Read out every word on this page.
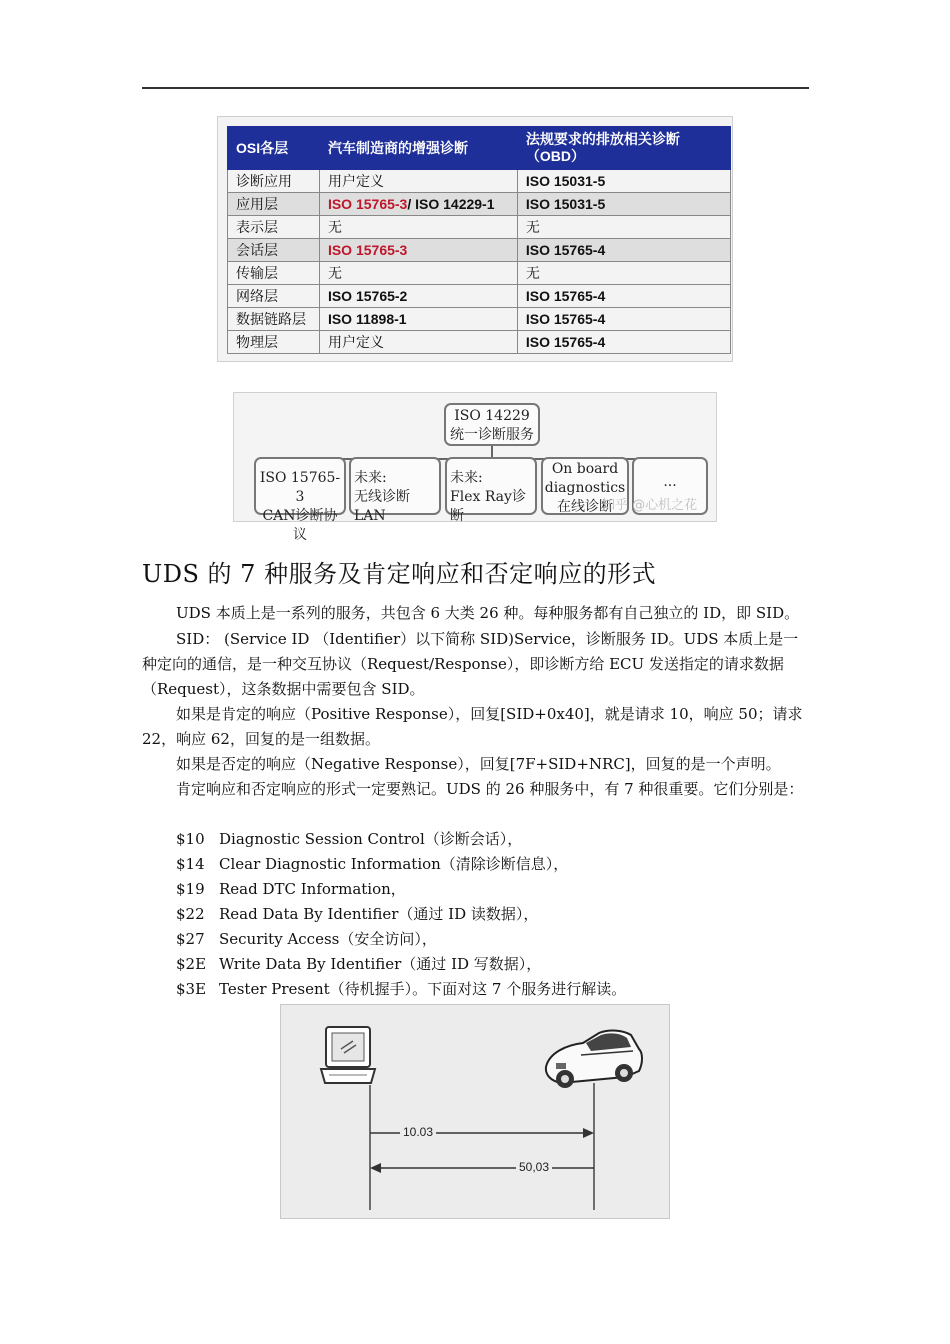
OSI各层	汽车制造商的增强诊断	法规要求的排放相关诊断
（OBD）
诊断应用	用户定义	ISO 15031-5
应用层	ISO 15765-3/ ISO 14229-1	ISO 15031-5
表示层	无	无
会话层	ISO 15765-3	ISO 15765-4
传输层	无	无
网络层	ISO 15765-2	ISO 15765-4
数据链路层	ISO 11898-1	ISO 15765-4
物理层	用户定义	ISO 15765-4
ISO 14229
统一诊断服务
ISO 15765-3
CAN诊断协议
未来:
无线诊断LAN
未来:
Flex Ray诊断
On board
diagnostics
在线诊断
...
知乎 @心机之花
UDS 的 7 种服务及肯定响应和否定响应的形式
UDS 本质上是一系列的服务，共包含 6 大类 26 种。每种服务都有自己独立的 ID，即 SID。
SID： (Service ID （Identifier）以下简称 SID)Service，诊断服务 ID。UDS 本质上是一种定向的通信，是一种交互协议（Request/Response），即诊断方给 ECU 发送指定的请求数据（Request），这条数据中需要包含 SID。
如果是肯定的响应（Positive Response），回复[SID+0x40]，就是请求 10，响应 50；请求 22，响应 62，回复的是一组数据。
如果是否定的响应（Negative Response），回复[7F+SID+NRC]，回复的是一个声明。
肯定响应和否定响应的形式一定要熟记。UDS 的 26 种服务中，有 7 种很重要。它们分别是：
$10 Diagnostic Session Control（诊断会话），
$14 Clear Diagnostic Information（清除诊断信息），
$19 Read DTC Information，
$22 Read Data By Identifier（通过 ID 读数据），
$27 Security Access（安全访问），
$2E Write Data By Identifier（通过 ID 写数据），
$3E Tester Present（待机握手）。下面对这 7 个服务进行解读。
10.03
50,03
